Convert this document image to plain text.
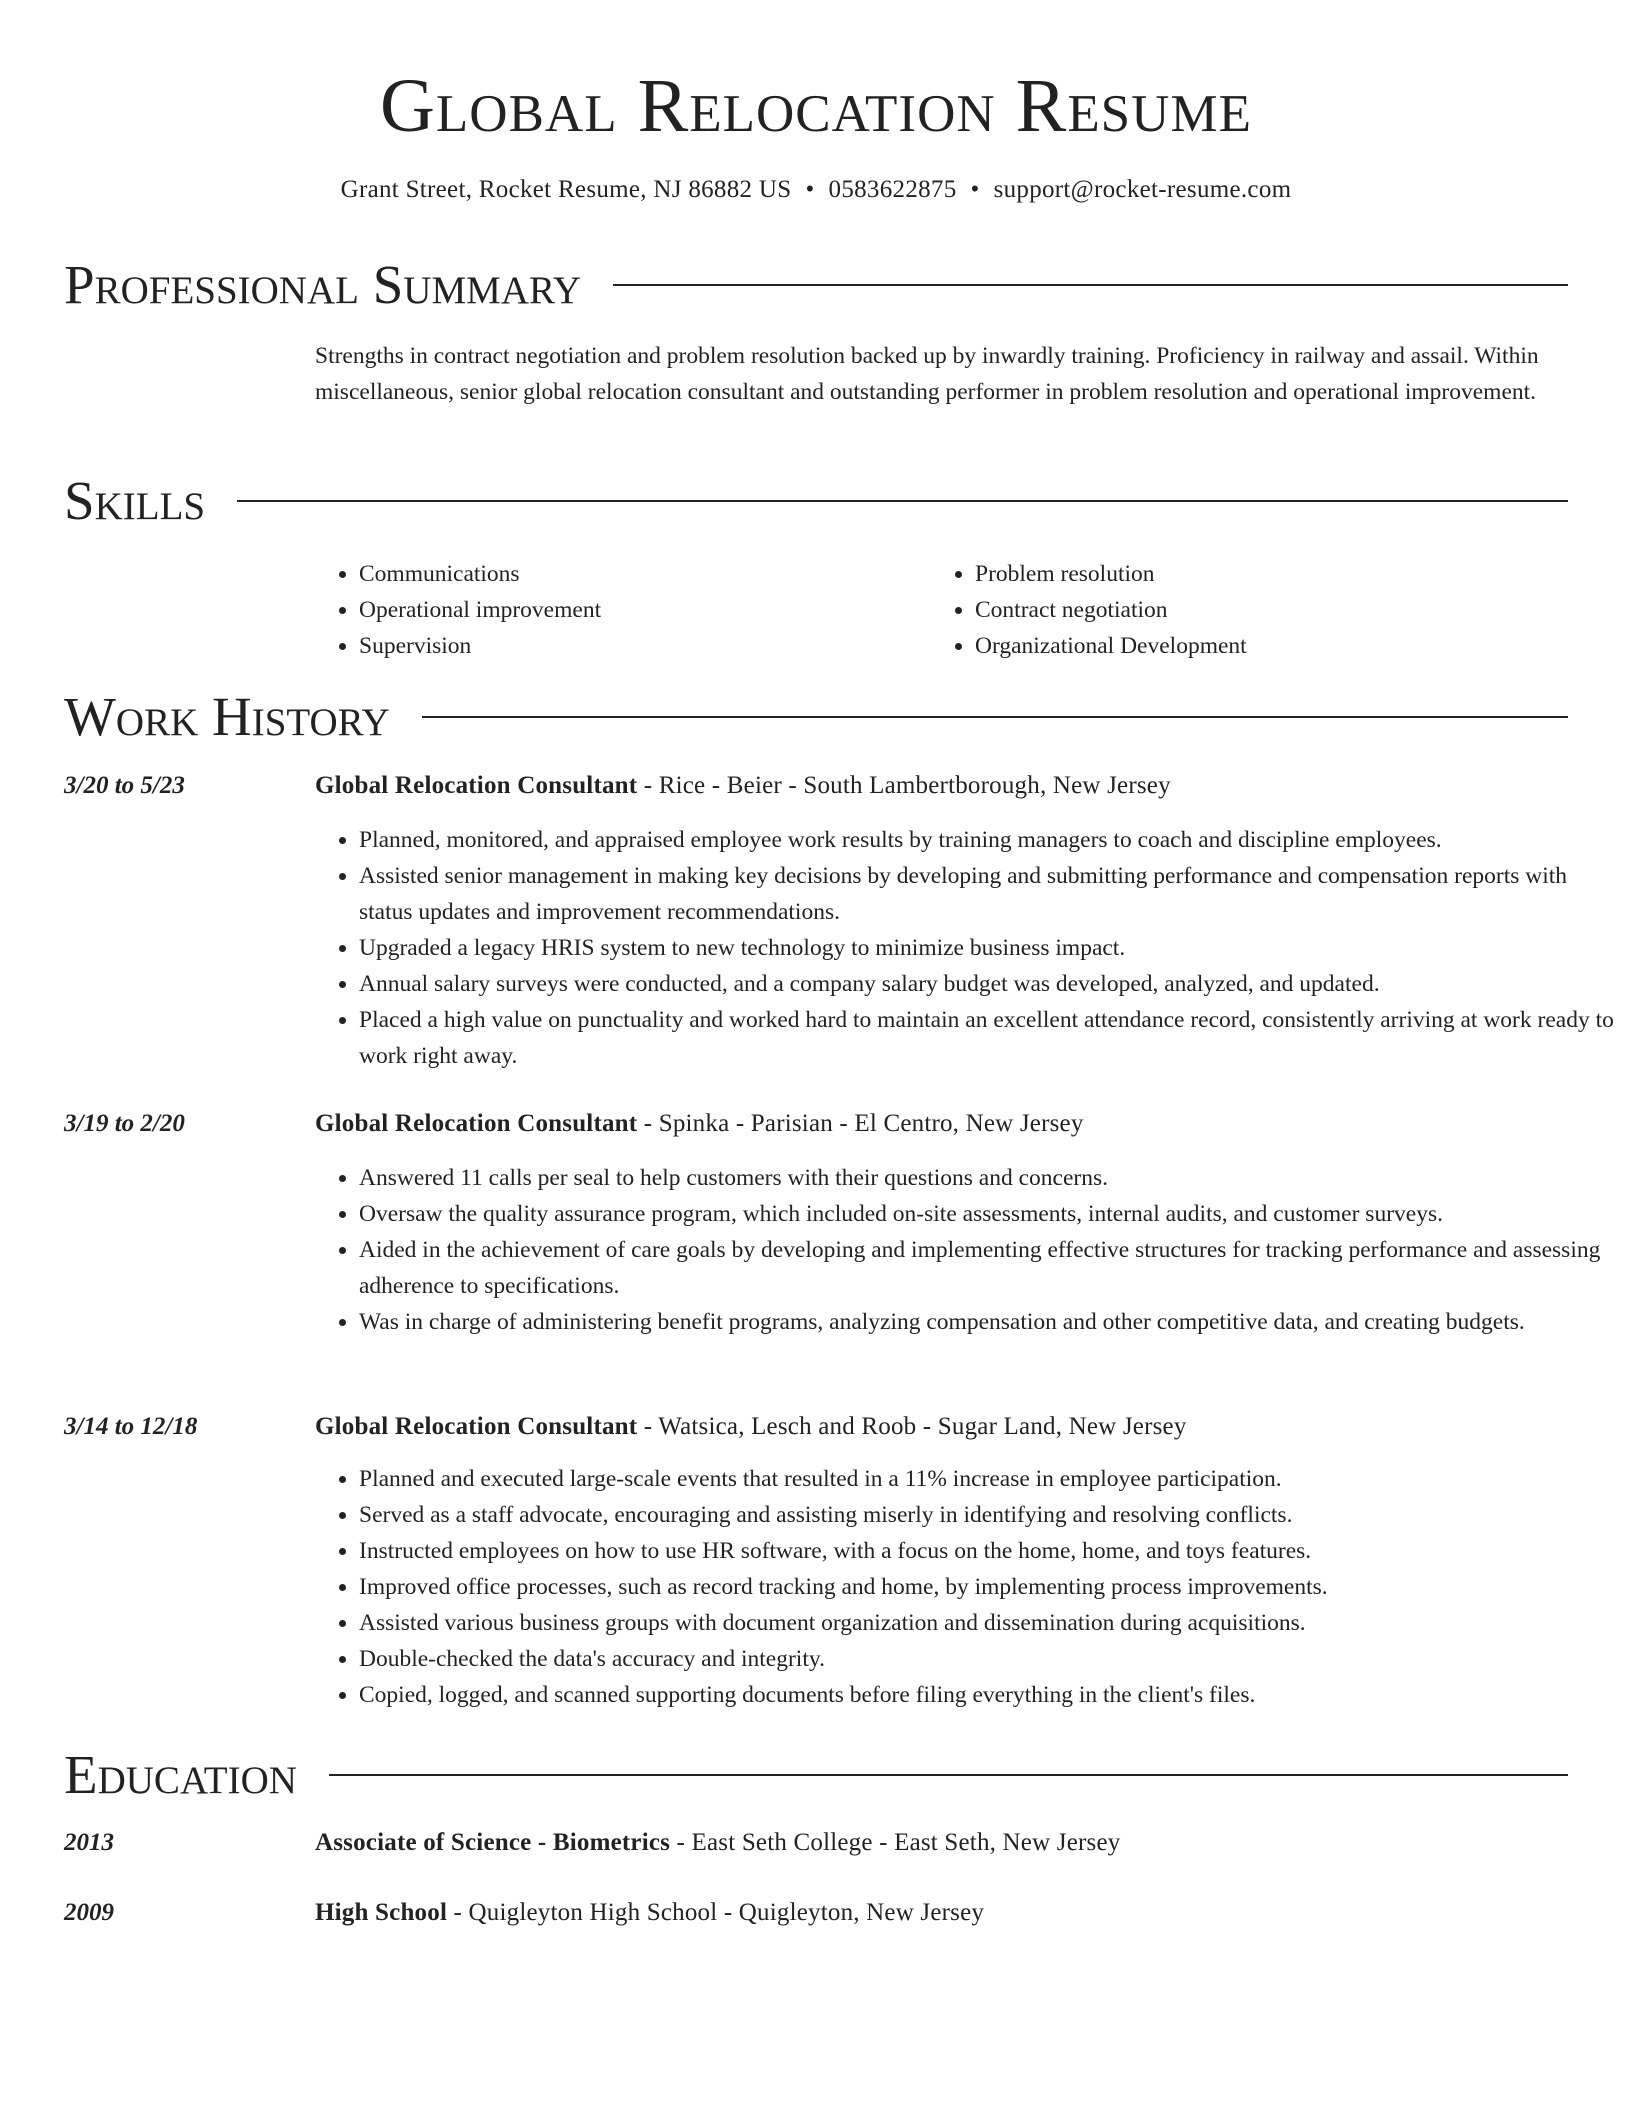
Global Relocation Resume
Grant Street, Rocket Resume, NJ 86882 US • 0583622875 • support@rocket-resume.com
Professional Summary
Strengths in contract negotiation and problem resolution backed up by inwardly training. Proficiency in railway and assail. Within miscellaneous, senior global relocation consultant and outstanding performer in problem resolution and operational improvement.
Skills
• Communications
• Operational improvement
• Supervision
• Problem resolution
• Contract negotiation
• Organizational Development
Work History
3/20 to 5/23	Global Relocation Consultant - Rice - Beier - South Lambertborough, New Jersey
• Planned, monitored, and appraised employee work results by training managers to coach and discipline employees.
• Assisted senior management in making key decisions by developing and submitting performance and compensation reports with status updates and improvement recommendations.
• Upgraded a legacy HRIS system to new technology to minimize business impact.
• Annual salary surveys were conducted, and a company salary budget was developed, analyzed, and updated.
• Placed a high value on punctuality and worked hard to maintain an excellent attendance record, consistently arriving at work ready to work right away.
3/19 to 2/20	Global Relocation Consultant - Spinka - Parisian - El Centro, New Jersey
• Answered 11 calls per seal to help customers with their questions and concerns.
• Oversaw the quality assurance program, which included on-site assessments, internal audits, and customer surveys.
• Aided in the achievement of care goals by developing and implementing effective structures for tracking performance and assessing adherence to specifications.
• Was in charge of administering benefit programs, analyzing compensation and other competitive data, and creating budgets.
3/14 to 12/18	Global Relocation Consultant - Watsica, Lesch and Roob - Sugar Land, New Jersey
• Planned and executed large-scale events that resulted in a 11% increase in employee participation.
• Served as a staff advocate, encouraging and assisting miserly in identifying and resolving conflicts.
• Instructed employees on how to use HR software, with a focus on the home, home, and toys features.
• Improved office processes, such as record tracking and home, by implementing process improvements.
• Assisted various business groups with document organization and dissemination during acquisitions.
• Double-checked the data's accuracy and integrity.
• Copied, logged, and scanned supporting documents before filing everything in the client's files.
Education
2013	Associate of Science - Biometrics - East Seth College - East Seth, New Jersey
2009	High School - Quigleyton High School - Quigleyton, New Jersey
